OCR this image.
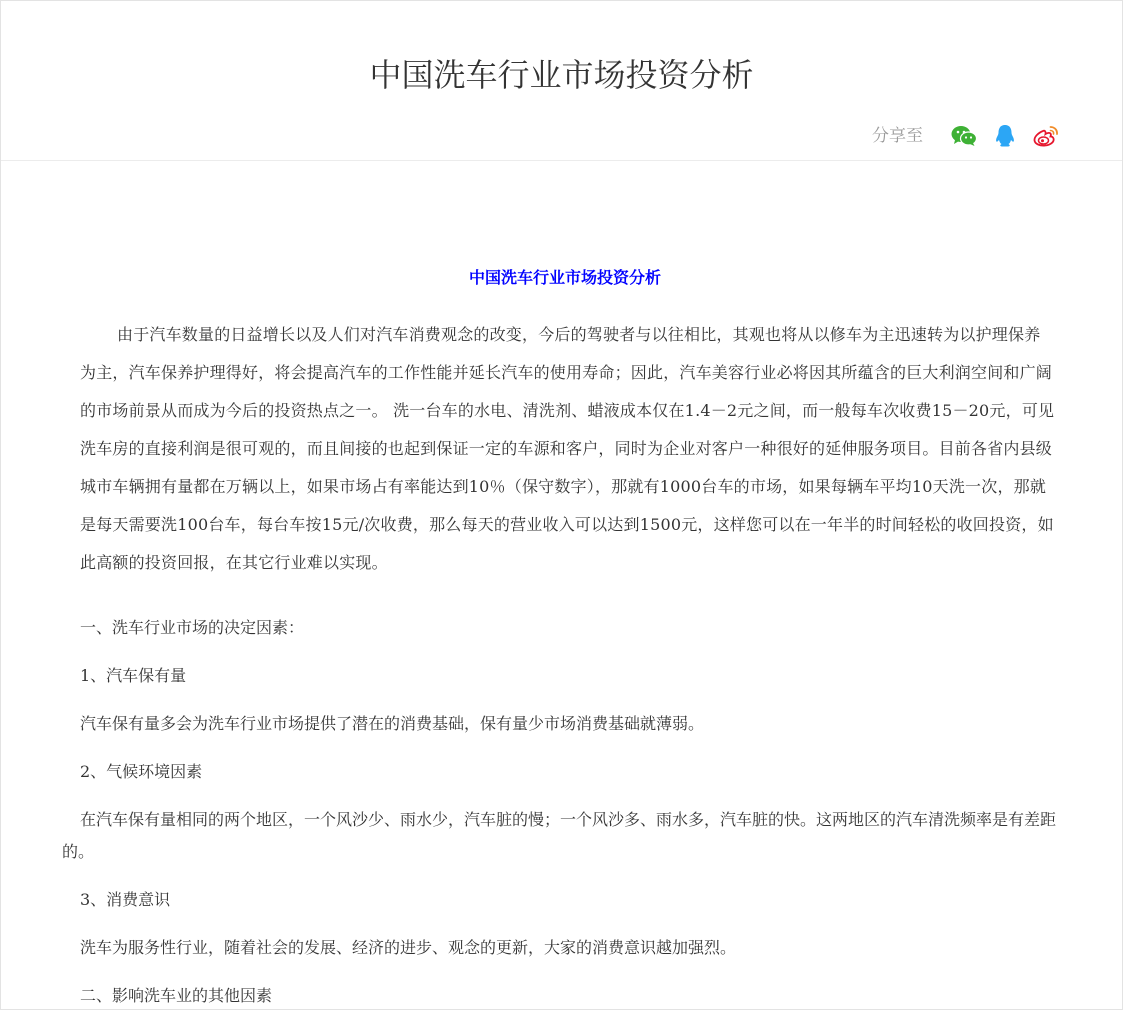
中国洗车行业市场投资分析
分享至

中国洗车行业市场投资分析

由于汽车数量的日益增长以及人们对汽车消费观念的改变，今后的驾驶者与以往相比，其观也将从以修车为主迅速转为以护理保养为主，汽车保养护理得好，将会提高汽车的工作性能并延长汽车的使用寿命；因此，汽车美容行业必将因其所蕴含的巨大利润空间和广阔的市场前景从而成为今后的投资热点之一。 洗一台车的水电、清洗剂、蜡液成本仅在1.4－2元之间，而一般每车次收费15－20元，可见洗车房的直接利润是很可观的，而且间接的也起到保证一定的车源和客户，同时为企业对客户一种很好的延伸服务项目。目前各省内县级城市车辆拥有量都在万辆以上，如果市场占有率能达到10％（保守数字），那就有1000台车的市场，如果每辆车平均10天洗一次，那就是每天需要洗100台车，每台车按15元/次收费，那么每天的营业收入可以达到1500元，这样您可以在一年半的时间轻松的收回投资，如此高额的投资回报，在其它行业难以实现。

一、洗车行业市场的决定因素：

1、汽车保有量

汽车保有量多会为洗车行业市场提供了潜在的消费基础，保有量少市场消费基础就薄弱。

2、气候环境因素

在汽车保有量相同的两个地区，一个风沙少、雨水少，汽车脏的慢；一个风沙多、雨水多，汽车脏的快。这两地区的汽车清洗频率是有差距的。

3、消费意识

洗车为服务性行业，随着社会的发展、经济的进步、观念的更新，大家的消费意识越加强烈。

二、影响洗车业的其他因素
